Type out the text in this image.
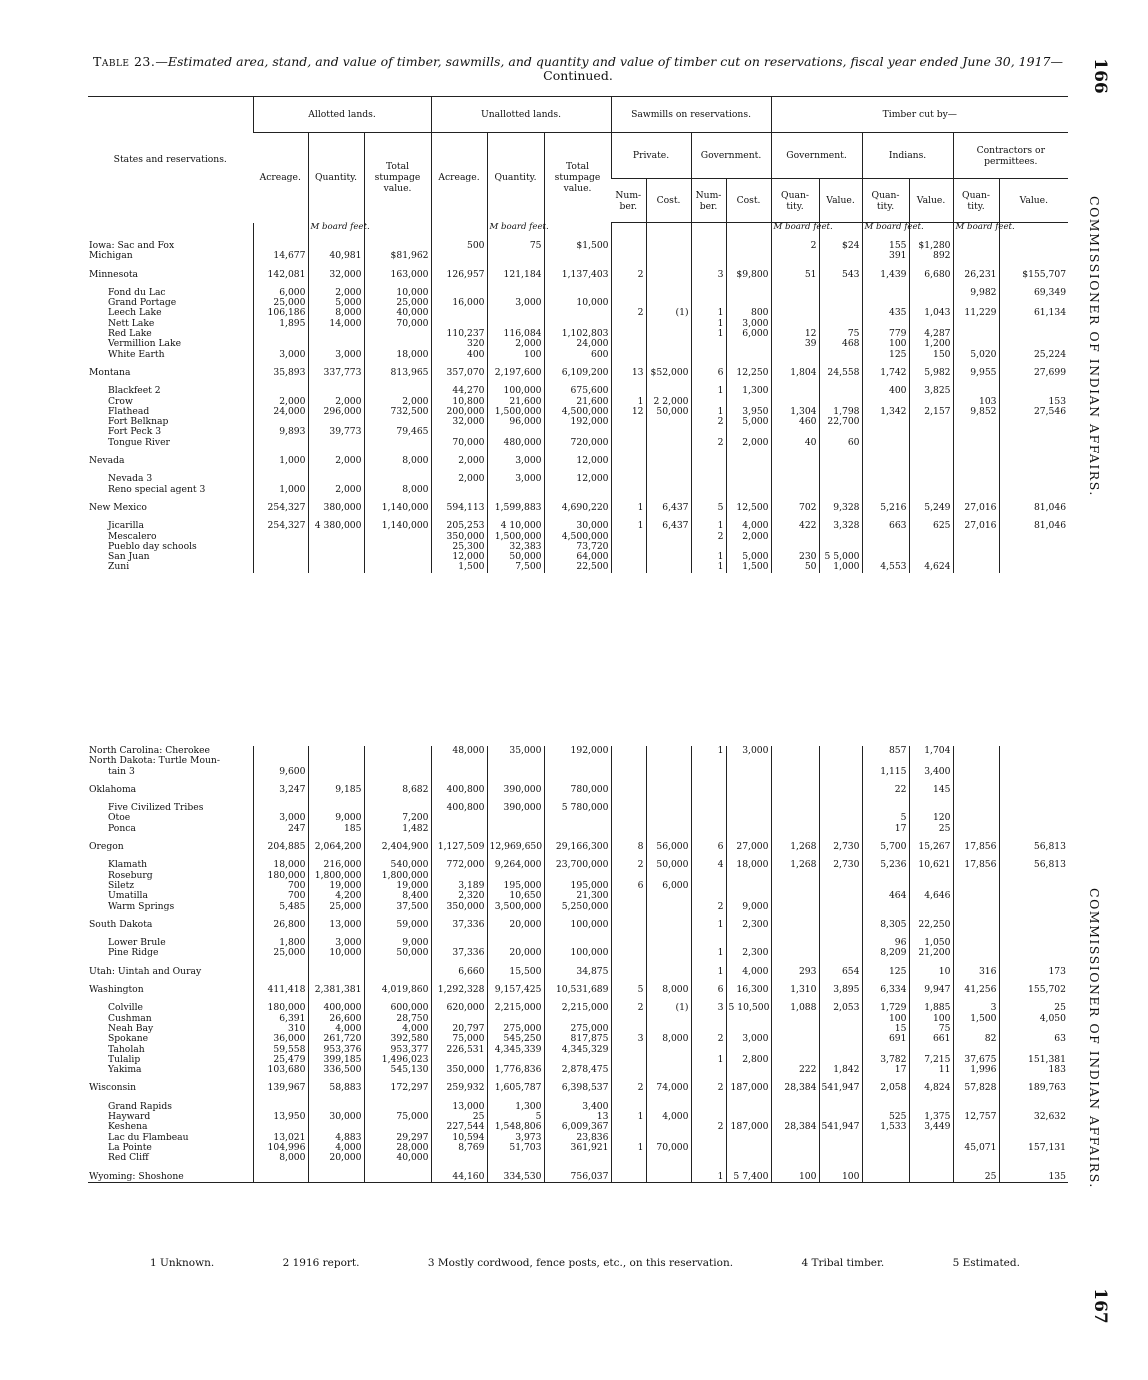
Table 23.—Estimated area, stand, and value of timber, sawmills, and quantity and value of timber cut on reservations, fiscal year ended June 30, 1917—
Continued.	166
167
COMMISSIONER OF INDIAN AFFAIRS.
COMMISSIONER OF INDIAN AFFAIRS.
States and reservations.	Allotted lands.			Unallotted lands.			Sawmills on reservations.				Timber cut by—					
	Acreage.	Quantity.	Total stumpage value.	Acreage.	Quantity.	Total stumpage value.	Private.		Government.		Government.		Indians.		Contractors or permittees.	
							Num-ber.	Cost.	Num-ber.	Cost.	Quan-tity.	Value.	Quan-tity.	Value.	Quan-tity.	Value.
		M board feet.			M board feet.						M board feet.		M board feet.		M board feet.	
Iowa: Sac and Fox				500	75	$1,500					2	$24	155	$1,280		
Michigan	14,677	40,981	$81,962										391	892		

Minnesota	142,081	32,000	163,000	126,957	121,184	1,137,403	2		3	$9,800	51	543	1,439	6,680	26,231	$155,707

Fond du Lac	6,000	2,000	10,000												9,982	69,349
Grand Portage	25,000	5,000	25,000	16,000	3,000	10,000										
Leech Lake	106,186	8,000	40,000				2	(1)	1	800			435	1,043	11,229	61,134
Nett Lake	1,895	14,000	70,000						1	3,000						
Red Lake				110,237	116,084	1,102,803			1	6,000	12	75	779	4,287		
Vermillion Lake				320	2,000	24,000					39	468	100	1,200		
White Earth	3,000	3,000	18,000	400	100	600							125	150	5,020	25,224

Montana	35,893	337,773	813,965	357,070	2,197,600	6,109,200	13	$52,000	6	12,250	1,804	24,558	1,742	5,982	9,955	27,699

Blackfeet 2				44,270	100,000	675,600			1	1,300			400	3,825		
Crow	2,000	2,000	2,000	10,800	21,600	21,600	1	2 2,000							103	153
Flathead	24,000	296,000	732,500	200,000	1,500,000	4,500,000	12	50,000	1	3,950	1,304	1,798	1,342	2,157	9,852	27,546
Fort Belknap				32,000	96,000	192,000			2	5,000	460	22,700				
Fort Peck 3	9,893	39,773	79,465													
Tongue River				70,000	480,000	720,000			2	2,000	40	60				

Nevada	1,000	2,000	8,000	2,000	3,000	12,000										

Nevada 3				2,000	3,000	12,000										
Reno special agent 3	1,000	2,000	8,000													

New Mexico	254,327	380,000	1,140,000	594,113	1,599,883	4,690,220	1	6,437	5	12,500	702	9,328	5,216	5,249	27,016	81,046

Jicarilla	254,327	4 380,000	1,140,000	205,253	4 10,000	30,000	1	6,437	1	4,000	422	3,328	663	625	27,016	81,046
Mescalero				350,000	1,500,000	4,500,000			2	2,000						
Pueblo day schools				25,300	32,383	73,720										
San Juan				12,000	50,000	64,000			1	5,000	230	5 5,000				
Zuni				1,500	7,500	22,500			1	1,500	50	1,000	4,553	4,624		
North Carolina: Cherokee				48,000	35,000	192,000			1	3,000			857	1,704		
North Dakota: Turtle Moun-																
tain 3	9,600												1,115	3,400		

Oklahoma	3,247	9,185	8,682	400,800	390,000	780,000							22	145		

Five Civilized Tribes				400,800	390,000	5 780,000										
Otoe	3,000	9,000	7,200										5	120		
Ponca	247	185	1,482										17	25		

Oregon	204,885	2,064,200	2,404,900	1,127,509	12,969,650	29,166,300	8	56,000	6	27,000	1,268	2,730	5,700	15,267	17,856	56,813

Klamath	18,000	216,000	540,000	772,000	9,264,000	23,700,000	2	50,000	4	18,000	1,268	2,730	5,236	10,621	17,856	56,813
Roseburg	180,000	1,800,000	1,800,000													
Siletz	700	19,000	19,000	3,189	195,000	195,000	6	6,000								
Umatilla	700	4,200	8,400	2,320	10,650	21,300							464	4,646		
Warm Springs	5,485	25,000	37,500	350,000	3,500,000	5,250,000			2	9,000						

South Dakota	26,800	13,000	59,000	37,336	20,000	100,000			1	2,300			8,305	22,250		

Lower Brule	1,800	3,000	9,000										96	1,050		
Pine Ridge	25,000	10,000	50,000	37,336	20,000	100,000			1	2,300			8,209	21,200		

Utah: Uintah and Ouray				6,660	15,500	34,875			1	4,000	293	654	125	10	316	173

Washington	411,418	2,381,381	4,019,860	1,292,328	9,157,425	10,531,689	5	8,000	6	16,300	1,310	3,895	6,334	9,947	41,256	155,702

Colville	180,000	400,000	600,000	620,000	2,215,000	2,215,000	2	(1)	3	5 10,500	1,088	2,053	1,729	1,885	3	25
Cushman	6,391	26,600	28,750										100	100	1,500	4,050
Neah Bay	310	4,000	4,000	20,797	275,000	275,000							15	75		
Spokane	36,000	261,720	392,580	75,000	545,250	817,875	3	8,000	2	3,000			691	661	82	63
Taholah	59,558	953,376	953,377	226,531	4,345,339	4,345,329										
Tulalip	25,479	399,185	1,496,023						1	2,800			3,782	7,215	37,675	151,381
Yakima	103,680	336,500	545,130	350,000	1,776,836	2,878,475					222	1,842	17	11	1,996	183

Wisconsin	139,967	58,883	172,297	259,932	1,605,787	6,398,537	2	74,000	2	187,000	28,384	541,947	2,058	4,824	57,828	189,763

Grand Rapids				13,000	1,300	3,400										
Hayward	13,950	30,000	75,000	25	5	13	1	4,000					525	1,375	12,757	32,632
Keshena				227,544	1,548,806	6,009,367			2	187,000	28,384	541,947	1,533	3,449		
Lac du Flambeau	13,021	4,883	29,297	10,594	3,973	23,836										
La Pointe	104,996	4,000	28,000	8,769	51,703	361,921	1	70,000							45,071	157,131
Red Cliff	8,000	20,000	40,000													

Wyoming: Shoshone				44,160	334,530	756,037			1	5 7,400	100	100			25	135
1 Unknown.	2 1916 report.	3 Mostly cordwood, fence posts, etc., on this reservation.	4 Tribal timber.	5 Estimated.
